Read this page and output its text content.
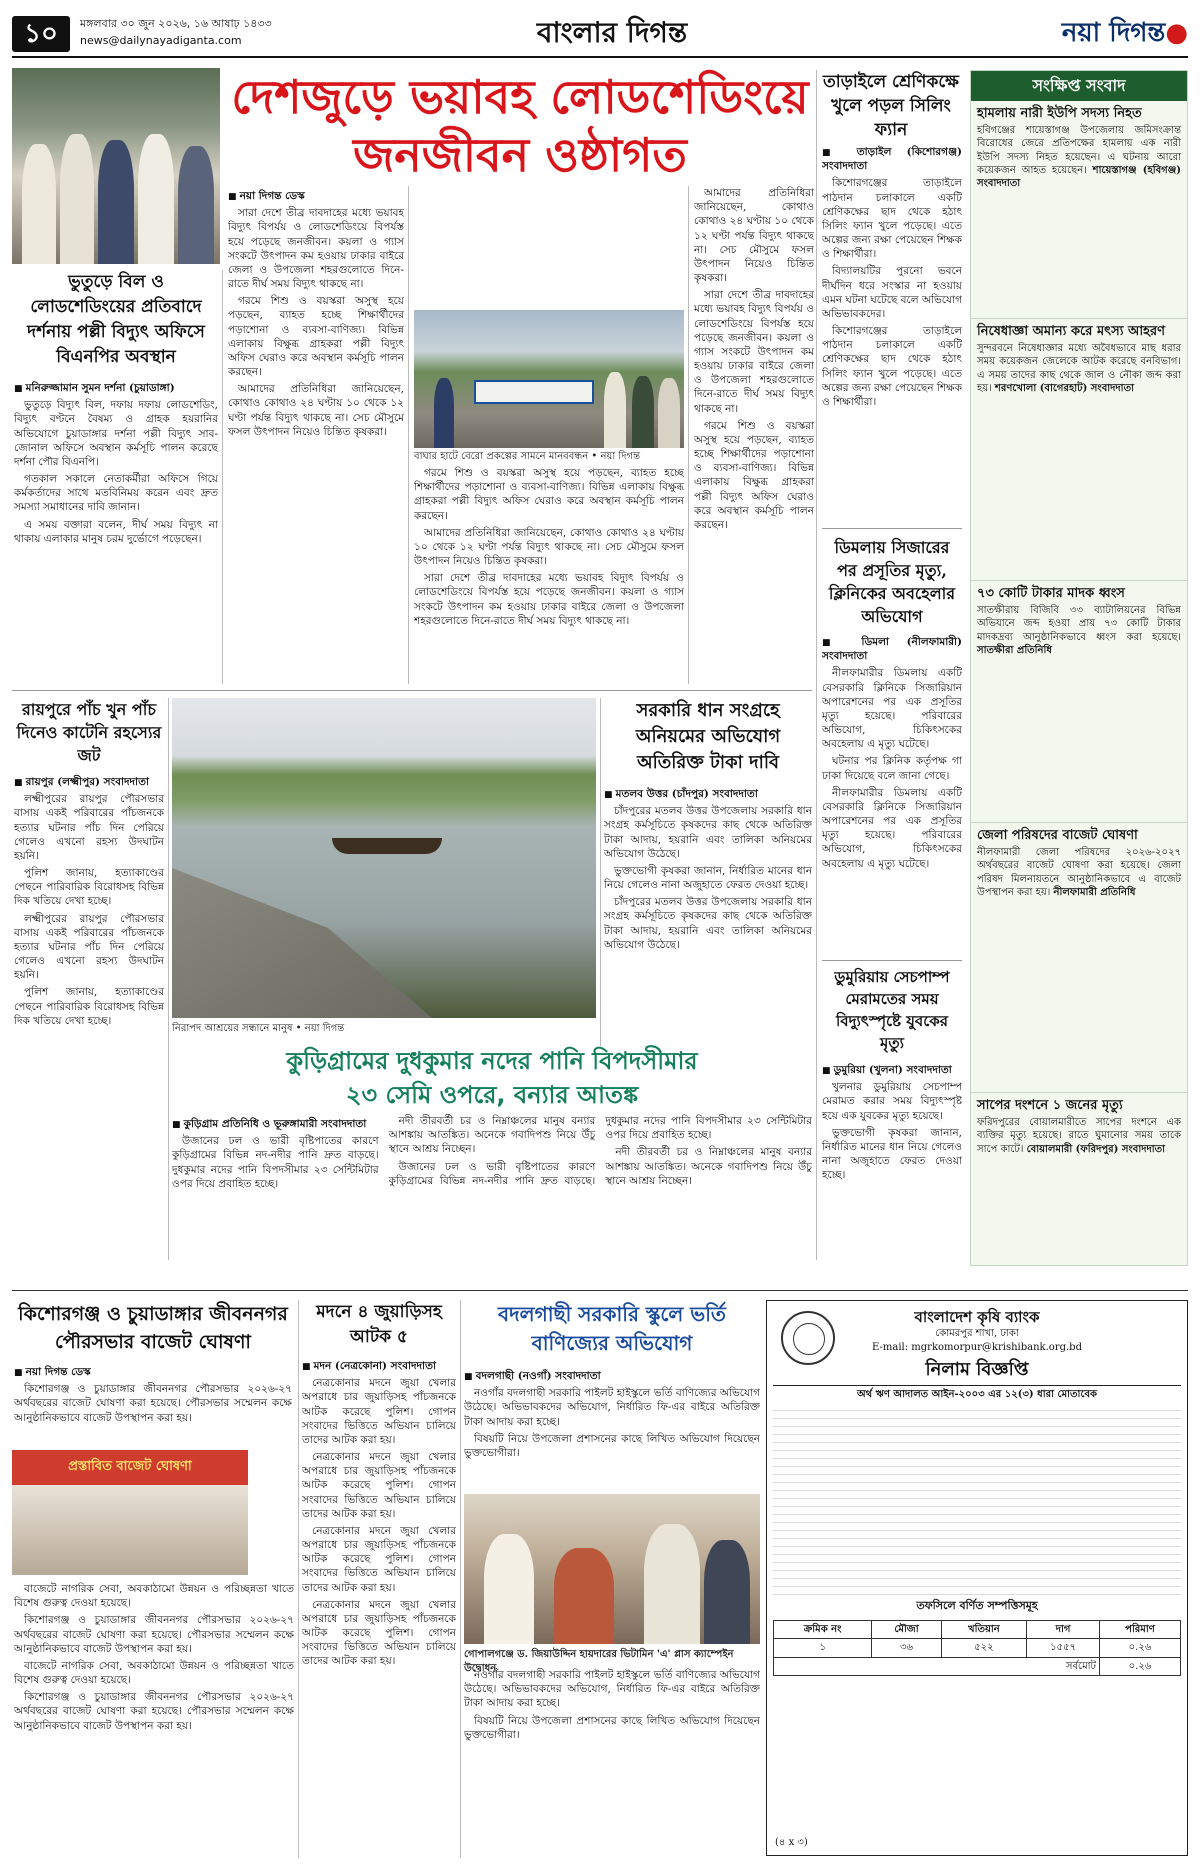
১০	মঙ্গলবার ৩০ জুন ২০২৬, ১৬ আষাঢ় ১৪৩৩
news@dailynayadiganta.com	বাংলার দিগন্ত	নয়া দিগন্ত●
দেশজুড়ে ভয়াবহ লোডশেডিংয়ে
জনজীবন ওষ্ঠাগত
তাড়াইলে শ্রেণিকক্ষে খুলে পড়ল সিলিং ফ্যান
ভুতুড়ে বিল ও লোডশেডিংয়ের প্রতিবাদে দর্শনায় পল্লী বিদ্যুৎ অফিসে বিএনপির অবস্থান
■ মনিরুজ্জামান সুমন দর্শনা (চুয়াডাঙ্গা)

ভুতুড়ে বিদ্যুৎ বিল, দফায় দফায় লোডশেডিং, বিদ্যুৎ বণ্টনে বৈষম্য ও গ্রাহক হয়রানির অভিযোগে চুয়াডাঙ্গার দর্শনা পল্লী বিদ্যুৎ সাব-জোনাল অফিসে অবস্থান কর্মসূচি পালন করেছে দর্শনা পৌর বিএনপি।

গতকাল সকালে নেতাকর্মীরা অফিসে গিয়ে কর্মকর্তাদের সাথে মতবিনিময় করেন এবং দ্রুত সমস্যা সমাধানের দাবি জানান।

এ সময় বক্তারা বলেন, দীর্ঘ সময় বিদ্যুৎ না থাকায় এলাকার মানুষ চরম দুর্ভোগে পড়েছেন।

■ নয়া দিগন্ত ডেস্ক

সারা দেশে তীব্র দাবদাহের মধ্যে ভয়াবহ বিদ্যুৎ বিপর্যয় ও লোডশেডিংয়ে বিপর্যস্ত হয়ে পড়েছে জনজীবন। কয়লা ও গ্যাস সংকটে উৎপাদন কম হওয়ায় ঢাকার বাইরে জেলা ও উপজেলা শহরগুলোতে দিনে-রাতে দীর্ঘ সময় বিদ্যুৎ থাকছে না।

গরমে শিশু ও বয়স্করা অসুস্থ হয়ে পড়ছেন, ব্যাহত হচ্ছে শিক্ষার্থীদের পড়াশোনা ও ব্যবসা-বাণিজ্য। বিভিন্ন এলাকায় বিক্ষুব্ধ গ্রাহকরা পল্লী বিদ্যুৎ অফিস ঘেরাও করে অবস্থান কর্মসূচি পালন করছেন।

আমাদের প্রতিনিধিরা জানিয়েছেন, কোথাও কোথাও ২৪ ঘণ্টায় ১০ থেকে ১২ ঘণ্টা পর্যন্ত বিদ্যুৎ থাকছে না। সেচ মৌসুমে ফসল উৎপাদন নিয়েও চিন্তিত কৃষকরা।

বাঘার হাটে বেরো প্রকল্পের সামনে মানববন্ধন • নয়া দিগন্ত

গরমে শিশু ও বয়স্করা অসুস্থ হয়ে পড়ছেন, ব্যাহত হচ্ছে শিক্ষার্থীদের পড়াশোনা ও ব্যবসা-বাণিজ্য। বিভিন্ন এলাকায় বিক্ষুব্ধ গ্রাহকরা পল্লী বিদ্যুৎ অফিস ঘেরাও করে অবস্থান কর্মসূচি পালন করছেন।

আমাদের প্রতিনিধিরা জানিয়েছেন, কোথাও কোথাও ২৪ ঘণ্টায় ১০ থেকে ১২ ঘণ্টা পর্যন্ত বিদ্যুৎ থাকছে না। সেচ মৌসুমে ফসল উৎপাদন নিয়েও চিন্তিত কৃষকরা।

সারা দেশে তীব্র দাবদাহের মধ্যে ভয়াবহ বিদ্যুৎ বিপর্যয় ও লোডশেডিংয়ে বিপর্যস্ত হয়ে পড়েছে জনজীবন। কয়লা ও গ্যাস সংকটে উৎপাদন কম হওয়ায় ঢাকার বাইরে জেলা ও উপজেলা শহরগুলোতে দিনে-রাতে দীর্ঘ সময় বিদ্যুৎ থাকছে না।

আমাদের প্রতিনিধিরা জানিয়েছেন, কোথাও কোথাও ২৪ ঘণ্টায় ১০ থেকে ১২ ঘণ্টা পর্যন্ত বিদ্যুৎ থাকছে না। সেচ মৌসুমে ফসল উৎপাদন নিয়েও চিন্তিত কৃষকরা।

সারা দেশে তীব্র দাবদাহের মধ্যে ভয়াবহ বিদ্যুৎ বিপর্যয় ও লোডশেডিংয়ে বিপর্যস্ত হয়ে পড়েছে জনজীবন। কয়লা ও গ্যাস সংকটে উৎপাদন কম হওয়ায় ঢাকার বাইরে জেলা ও উপজেলা শহরগুলোতে দিনে-রাতে দীর্ঘ সময় বিদ্যুৎ থাকছে না।

গরমে শিশু ও বয়স্করা অসুস্থ হয়ে পড়ছেন, ব্যাহত হচ্ছে শিক্ষার্থীদের পড়াশোনা ও ব্যবসা-বাণিজ্য। বিভিন্ন এলাকায় বিক্ষুব্ধ গ্রাহকরা পল্লী বিদ্যুৎ অফিস ঘেরাও করে অবস্থান কর্মসূচি পালন করছেন।

■ তাড়াইল (কিশোরগঞ্জ) সংবাদদাতা

কিশোরগঞ্জের তাড়াইলে পাঠদান চলাকালে একটি শ্রেণিকক্ষের ছাদ থেকে হঠাৎ সিলিং ফ্যান খুলে পড়েছে। এতে অল্পের জন্য রক্ষা পেয়েছেন শিক্ষক ও শিক্ষার্থীরা।

বিদ্যালয়টির পুরনো ভবনে দীর্ঘদিন ধরে সংস্কার না হওয়ায় এমন ঘটনা ঘটেছে বলে অভিযোগ অভিভাবকদের।

কিশোরগঞ্জের তাড়াইলে পাঠদান চলাকালে একটি শ্রেণিকক্ষের ছাদ থেকে হঠাৎ সিলিং ফ্যান খুলে পড়েছে। এতে অল্পের জন্য রক্ষা পেয়েছেন শিক্ষক ও শিক্ষার্থীরা।

ডিমলায় সিজারের পর প্রসূতির মৃত্যু, ক্লিনিকের অবহেলার অভিযোগ
■ ডিমলা (নীলফামারী) সংবাদদাতা

নীলফামারীর ডিমলায় একটি বেসরকারি ক্লিনিকে সিজারিয়ান অপারেশনের পর এক প্রসূতির মৃত্যু হয়েছে। পরিবারের অভিযোগ, চিকিৎসকের অবহেলায় এ মৃত্যু ঘটেছে।

ঘটনার পর ক্লিনিক কর্তৃপক্ষ গা ঢাকা দিয়েছে বলে জানা গেছে।

নীলফামারীর ডিমলায় একটি বেসরকারি ক্লিনিকে সিজারিয়ান অপারেশনের পর এক প্রসূতির মৃত্যু হয়েছে। পরিবারের অভিযোগ, চিকিৎসকের অবহেলায় এ মৃত্যু ঘটেছে।

ডুমুরিয়ায় সেচপাম্প মেরামতের সময় বিদ্যুৎস্পৃষ্টে যুবকের মৃত্যু
■ ডুমুরিয়া (খুলনা) সংবাদদাতা

খুলনার ডুমুরিয়ায় সেচপাম্প মেরামত করার সময় বিদ্যুৎস্পৃষ্ট হয়ে এক যুবকের মৃত্যু হয়েছে।

ভুক্তভোগী কৃষকরা জানান, নির্ধারিত মানের ধান নিয়ে গেলেও নানা অজুহাতে ফেরত দেওয়া হচ্ছে।

রায়পুরে পাঁচ খুন পাঁচ দিনেও কাটেনি রহস্যের জট
■ রায়পুর (লক্ষ্মীপুর) সংবাদদাতা

লক্ষ্মীপুরের রায়পুর পৌরসভার বাসায় একই পরিবারের পাঁচজনকে হত্যার ঘটনার পাঁচ দিন পেরিয়ে গেলেও এখনো রহস্য উদঘাটন হয়নি।

পুলিশ জানায়, হত্যাকাণ্ডের পেছনে পারিবারিক বিরোধসহ বিভিন্ন দিক খতিয়ে দেখা হচ্ছে।

লক্ষ্মীপুরের রায়পুর পৌরসভার বাসায় একই পরিবারের পাঁচজনকে হত্যার ঘটনার পাঁচ দিন পেরিয়ে গেলেও এখনো রহস্য উদঘাটন হয়নি।

পুলিশ জানায়, হত্যাকাণ্ডের পেছনে পারিবারিক বিরোধসহ বিভিন্ন দিক খতিয়ে দেখা হচ্ছে।

নিরাপদ আশ্রয়ের সন্ধানে মানুষ • নয়া দিগন্ত
সরকারি ধান সংগ্রহে অনিয়মের অভিযোগ অতিরিক্ত টাকা দাবি
■ মতলব উত্তর (চাঁদপুর) সংবাদদাতা

চাঁদপুরের মতলব উত্তর উপজেলায় সরকারি ধান সংগ্রহ কর্মসূচিতে কৃষকদের কাছ থেকে অতিরিক্ত টাকা আদায়, হয়রানি এবং তালিকা অনিয়মের অভিযোগ উঠেছে।

ভুক্তভোগী কৃষকরা জানান, নির্ধারিত মানের ধান নিয়ে গেলেও নানা অজুহাতে ফেরত দেওয়া হচ্ছে।

চাঁদপুরের মতলব উত্তর উপজেলায় সরকারি ধান সংগ্রহ কর্মসূচিতে কৃষকদের কাছ থেকে অতিরিক্ত টাকা আদায়, হয়রানি এবং তালিকা অনিয়মের অভিযোগ উঠেছে।

কুড়িগ্রামের দুধকুমার নদের পানি বিপদসীমার
২৩ সেমি ওপরে, বন্যার আতঙ্ক
■ কুড়িগ্রাম প্রতিনিধি ও ভূরুঙ্গামারী সংবাদদাতা

উজানের ঢল ও ভারী বৃষ্টিপাতের কারণে কুড়িগ্রামের বিভিন্ন নদ-নদীর পানি দ্রুত বাড়ছে। দুধকুমার নদের পানি বিপদসীমার ২৩ সেন্টিমিটার ওপর দিয়ে প্রবাহিত হচ্ছে।

নদী তীরবর্তী চর ও নিম্নাঞ্চলের মানুষ বন্যার আশঙ্কায় আতঙ্কিত। অনেকে গবাদিপশু নিয়ে উঁচু স্থানে আশ্রয় নিচ্ছেন।

উজানের ঢল ও ভারী বৃষ্টিপাতের কারণে কুড়িগ্রামের বিভিন্ন নদ-নদীর পানি দ্রুত বাড়ছে। দুধকুমার নদের পানি বিপদসীমার ২৩ সেন্টিমিটার ওপর দিয়ে প্রবাহিত হচ্ছে।

নদী তীরবর্তী চর ও নিম্নাঞ্চলের মানুষ বন্যার আশঙ্কায় আতঙ্কিত। অনেকে গবাদিপশু নিয়ে উঁচু স্থানে আশ্রয় নিচ্ছেন।

সংক্ষিপ্ত সংবাদ
হামলায় নারী ইউপি সদস্য নিহত
হবিগঞ্জের শায়েস্তাগঞ্জ উপজেলায় জমিসংক্রান্ত বিরোধের জেরে প্রতিপক্ষের হামলায় এক নারী ইউপি সদস্য নিহত হয়েছেন। এ ঘটনায় আরো কয়েকজন আহত হয়েছেন। শায়েস্তাগঞ্জ (হবিগঞ্জ) সংবাদদাতা
নিষেধাজ্ঞা অমান্য করে মৎস্য আহরণ
সুন্দরবনে নিষেধাজ্ঞার মধ্যে অবৈধভাবে মাছ ধরার সময় কয়েকজন জেলেকে আটক করেছে বনবিভাগ। এ সময় তাদের কাছ থেকে জাল ও নৌকা জব্দ করা হয়। শরণখোলা (বাগেরহাট) সংবাদদাতা
৭৩ কোটি টাকার মাদক ধ্বংস
সাতক্ষীরায় বিজিবি ৩৩ ব্যাটালিয়নের বিভিন্ন অভিযানে জব্দ হওয়া প্রায় ৭৩ কোটি টাকার মাদকদ্রব্য আনুষ্ঠানিকভাবে ধ্বংস করা হয়েছে। সাতক্ষীরা প্রতিনিধি
জেলা পরিষদের বাজেট ঘোষণা
নীলফামারী জেলা পরিষদের ২০২৬-২০২৭ অর্থবছরের বাজেট ঘোষণা করা হয়েছে। জেলা পরিষদ মিলনায়তনে আনুষ্ঠানিকভাবে এ বাজেট উপস্থাপন করা হয়। নীলফামারী প্রতিনিধি
সাপের দংশনে ১ জনের মৃত্যু
ফরিদপুরের বোয়ালমারীতে সাপের দংশনে এক ব্যক্তির মৃত্যু হয়েছে। রাতে ঘুমানোর সময় তাকে সাপে কাটে। বোয়ালমারী (ফরিদপুর) সংবাদদাতা
কিশোরগঞ্জ ও চুয়াডাঙ্গার জীবননগর পৌরসভার বাজেট ঘোষণা
■ নয়া দিগন্ত ডেস্ক

কিশোরগঞ্জ ও চুয়াডাঙ্গার জীবননগর পৌরসভার ২০২৬-২৭ অর্থবছরের বাজেট ঘোষণা করা হয়েছে। পৌরসভার সম্মেলন কক্ষে আনুষ্ঠানিকভাবে বাজেট উপস্থাপন করা হয়।

প্রস্তাবিত বাজেট ঘোষণা

বাজেটে নাগরিক সেবা, অবকাঠামো উন্নয়ন ও পরিচ্ছন্নতা খাতে বিশেষ গুরুত্ব দেওয়া হয়েছে।

কিশোরগঞ্জ ও চুয়াডাঙ্গার জীবননগর পৌরসভার ২০২৬-২৭ অর্থবছরের বাজেট ঘোষণা করা হয়েছে। পৌরসভার সম্মেলন কক্ষে আনুষ্ঠানিকভাবে বাজেট উপস্থাপন করা হয়।

বাজেটে নাগরিক সেবা, অবকাঠামো উন্নয়ন ও পরিচ্ছন্নতা খাতে বিশেষ গুরুত্ব দেওয়া হয়েছে।

কিশোরগঞ্জ ও চুয়াডাঙ্গার জীবননগর পৌরসভার ২০২৬-২৭ অর্থবছরের বাজেট ঘোষণা করা হয়েছে। পৌরসভার সম্মেলন কক্ষে আনুষ্ঠানিকভাবে বাজেট উপস্থাপন করা হয়।

মদনে ৪ জুয়াড়িসহ আটক ৫
■ মদন (নেত্রকোনা) সংবাদদাতা

নেত্রকোনার মদনে জুয়া খেলার অপরাধে চার জুয়াড়িসহ পাঁচজনকে আটক করেছে পুলিশ। গোপন সংবাদের ভিত্তিতে অভিযান চালিয়ে তাদের আটক করা হয়।

নেত্রকোনার মদনে জুয়া খেলার অপরাধে চার জুয়াড়িসহ পাঁচজনকে আটক করেছে পুলিশ। গোপন সংবাদের ভিত্তিতে অভিযান চালিয়ে তাদের আটক করা হয়।

নেত্রকোনার মদনে জুয়া খেলার অপরাধে চার জুয়াড়িসহ পাঁচজনকে আটক করেছে পুলিশ। গোপন সংবাদের ভিত্তিতে অভিযান চালিয়ে তাদের আটক করা হয়।

নেত্রকোনার মদনে জুয়া খেলার অপরাধে চার জুয়াড়িসহ পাঁচজনকে আটক করেছে পুলিশ। গোপন সংবাদের ভিত্তিতে অভিযান চালিয়ে তাদের আটক করা হয়।

বদলগাছী সরকারি স্কুলে ভর্তি বাণিজ্যের অভিযোগ
■ বদলগাছী (নওগাঁ) সংবাদদাতা

নওগাঁর বদলগাছী সরকারি পাইলট হাইস্কুলে ভর্তি বাণিজ্যের অভিযোগ উঠেছে। অভিভাবকদের অভিযোগ, নির্ধারিত ফি-এর বাইরে অতিরিক্ত টাকা আদায় করা হচ্ছে।

বিষয়টি নিয়ে উপজেলা প্রশাসনের কাছে লিখিত অভিযোগ দিয়েছেন ভুক্তভোগীরা।

গোপালগঞ্জে ড. জিয়াউদ্দিন হায়দারের ভিটামিন 'এ' প্লাস ক্যাম্পেইন উদ্বোধন

নওগাঁর বদলগাছী সরকারি পাইলট হাইস্কুলে ভর্তি বাণিজ্যের অভিযোগ উঠেছে। অভিভাবকদের অভিযোগ, নির্ধারিত ফি-এর বাইরে অতিরিক্ত টাকা আদায় করা হচ্ছে।

বিষয়টি নিয়ে উপজেলা প্রশাসনের কাছে লিখিত অভিযোগ দিয়েছেন ভুক্তভোগীরা।

বাংলাদেশ কৃষি ব্যাংক
কোমরপুর শাখা, ঢাকা
E-mail: mgrkomorpur@krishibank.org.bd
নিলাম বিজ্ঞপ্তি
অর্থ ঋণ আদালত আইন-২০০৩ এর ১২(৩) ধারা মোতাবেক
তফসিলে বর্ণিত সম্পত্তিসমূহ
ক্রমিক নং	মৌজা	খতিয়ান	দাগ	পরিমাণ
১	৩৬	৫২২	১৫৫৭	০.২৬
সর্বমোট				০.২৬
(৪ x ৩)
